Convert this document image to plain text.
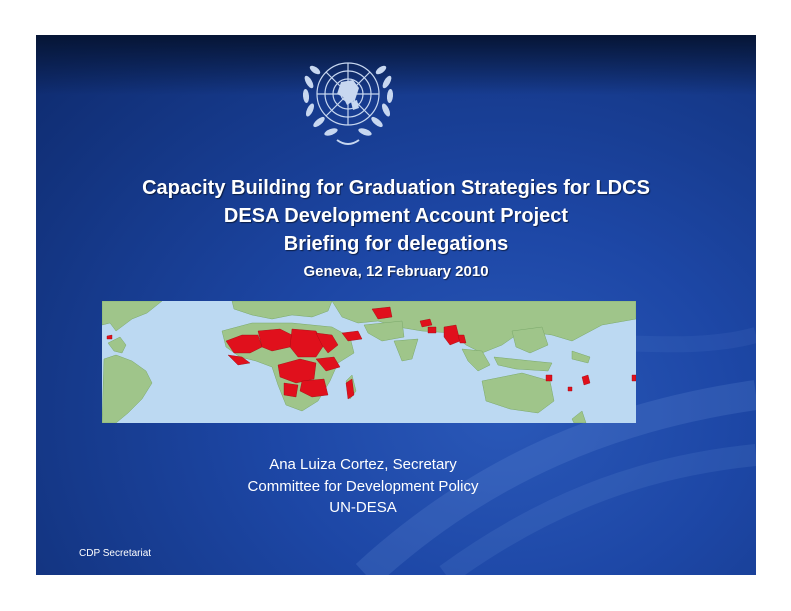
Capacity Building for Graduation Strategies for LDCS
DESA Development Account Project
Briefing for delegations
Geneva, 12 February 2010
Ana Luiza Cortez, Secretary
Committee for Development Policy
UN-DESA
CDP Secretariat
